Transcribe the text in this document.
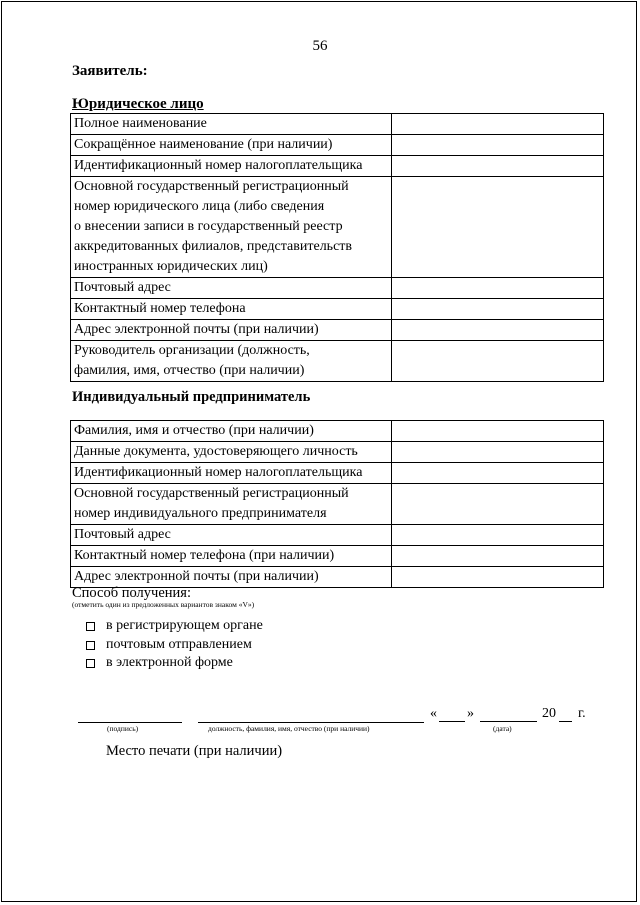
56
Заявитель:
Юридическое лицо
Полное наименование	

Сокращённое наименование (при наличии)	

Идентификационный номер налогоплательщика	

Основной государственный регистрационный
номер юридического лица (либо сведения
о внесении записи в государственный реестр
аккредитованных филиалов, представительств
иностранных юридических лиц)	

Почтовый адрес	

Контактный номер телефона	

Адрес электронной почты (при наличии)	

Руководитель организации (должность,
фамилия, имя, отчество (при наличии)	

Индивидуальный предприниматель
Фамилия, имя и отчество (при наличии)	

Данные документа, удостоверяющего личность	

Идентификационный номер налогоплательщика	

Основной государственный регистрационный
номер индивидуального предпринимателя	

Почтовый адрес	

Контактный номер телефона (при наличии)	

Адрес электронной почты (при наличии)	

Способ получения:
(отметить один из предложенных вариантов знаком «V»)
в регистрирующем органе
почтовым отправлением
в электронной форме
(подпись)	должность, фамилия, имя, отчество (при наличии)
« »	20 г.
(дата)
Место печати (при наличии)
